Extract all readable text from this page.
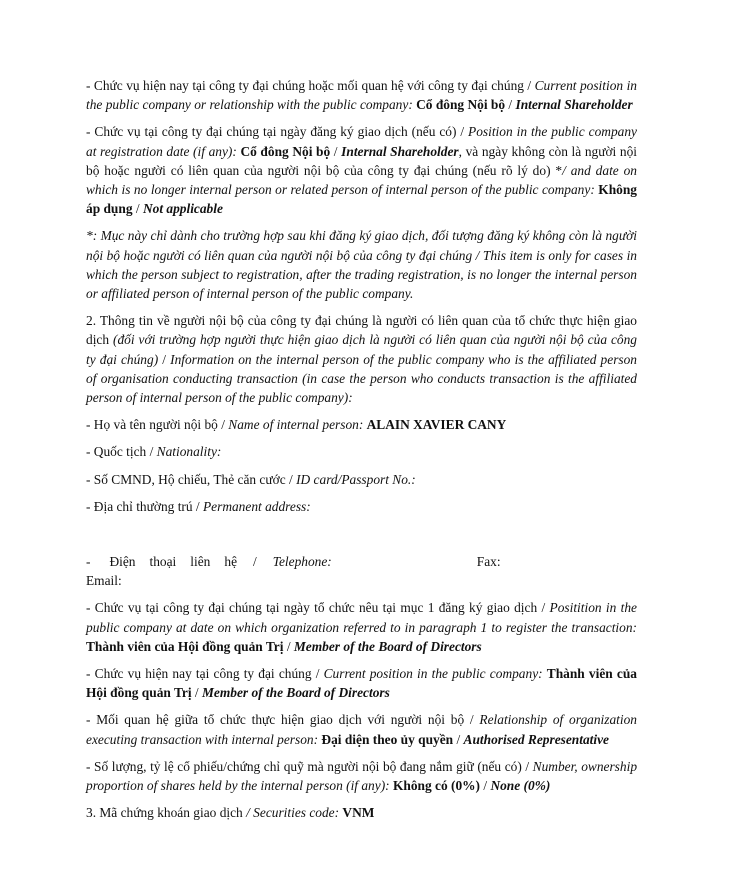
- Chức vụ hiện nay tại công ty đại chúng hoặc mối quan hệ với công ty đại chúng / Current position in the public company or relationship with the public company: Cổ đông Nội bộ / Internal Shareholder

- Chức vụ tại công ty đại chúng tại ngày đăng ký giao dịch (nếu có) / Position in the public company at registration date (if any): Cổ đông Nội bộ / Internal Shareholder, và ngày không còn là người nội bộ hoặc người có liên quan của người nội bộ của công ty đại chúng (nếu rõ lý do) */ and date on which is no longer internal person or related person of internal person of the public company: Không áp dụng / Not applicable

*: Mục này chỉ dành cho trường hợp sau khi đăng ký giao dịch, đối tượng đăng ký không còn là người nội bộ hoặc người có liên quan của người nội bộ của công ty đại chúng / This item is only for cases in which the person subject to registration, after the trading registration, is no longer the internal person or affiliated person of internal person of the public company.

2. Thông tin về người nội bộ của công ty đại chúng là người có liên quan của tổ chức thực hiện giao dịch (đối với trường hợp người thực hiện giao dịch là người có liên quan của người nội bộ của công ty đại chúng) / Information on the internal person of the public company who is the affiliated person of organisation conducting transaction (in case the person who conducts transaction is the affiliated person of internal person of the public company):

- Họ và tên người nội bộ / Name of internal person: ALAIN XAVIER CANY

- Quốc tịch / Nationality:

- Số CMND, Hộ chiếu, Thẻ căn cước / ID card/Passport No.:

- Địa chỉ thường trú / Permanent address:

- Điện thoại liên hệ / Telephone:	Fax:

Email:

- Chức vụ tại công ty đại chúng tại ngày tổ chức nêu tại mục 1 đăng ký giao dịch / Positition in the public company at date on which organization referred to in paragraph 1 to register the transaction: Thành viên của Hội đồng quản Trị / Member of the Board of Directors

- Chức vụ hiện nay tại công ty đại chúng / Current position in the public company: Thành viên của Hội đồng quản Trị / Member of the Board of Directors

- Mối quan hệ giữa tổ chức thực hiện giao dịch với người nội bộ / Relationship of organization executing transaction with internal person: Đại diện theo ủy quyền / Authorised Representative

- Số lượng, tỷ lệ cổ phiếu/chứng chỉ quỹ mà người nội bộ đang nắm giữ (nếu có) / Number, ownership proportion of shares held by the internal person (if any): Không có (0%) / None (0%)

3. Mã chứng khoán giao dịch / Securities code: VNM
